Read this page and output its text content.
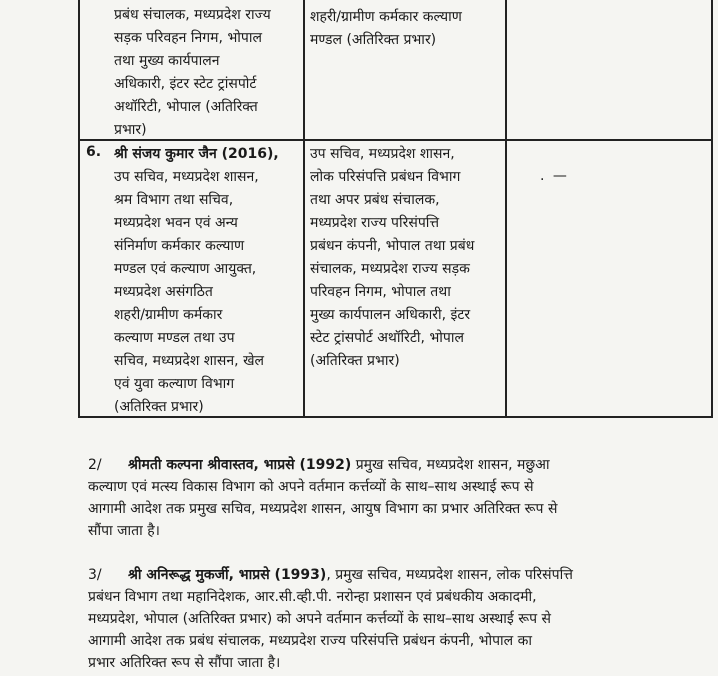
प्रबंध संचालक, मध्यप्रदेश राज्य
सड़क परिवहन निगम, भोपाल
तथा मुख्य कार्यपालन
अधिकारी, इंटर स्टेट ट्रांसपोर्ट
अथॉरिटी, भोपाल (अतिरिक्त
प्रभार)
शहरी/ग्रामीण कर्मकार कल्याण
मण्डल (अतिरिक्त प्रभार)
6. श्री संजय कुमार जैन (2016),
उप सचिव, मध्यप्रदेश शासन,
श्रम विभाग तथा सचिव,
मध्यप्रदेश भवन एवं अन्य
संनिर्माण कर्मकार कल्याण
मण्डल एवं कल्याण आयुक्त,
मध्यप्रदेश असंगठित
शहरी/ग्रामीण कर्मकार
कल्याण मण्डल तथा उप
सचिव, मध्यप्रदेश शासन, खेल
एवं युवा कल्याण विभाग
(अतिरिक्त प्रभार)
उप सचिव, मध्यप्रदेश शासन,
लोक परिसंपत्ति प्रबंधन विभाग
तथा अपर प्रबंध संचालक,
मध्यप्रदेश राज्य परिसंपत्ति
प्रबंधन कंपनी, भोपाल तथा प्रबंध
संचालक, मध्यप्रदेश राज्य सड़क
परिवहन निगम, भोपाल तथा
मुख्य कार्यपालन अधिकारी, इंटर
स्टेट ट्रांसपोर्ट अथॉरिटी, भोपाल
(अतिरिक्त प्रभार)
. —

2/ श्रीमती कल्पना श्रीवास्तव, भाप्रसे (1992) प्रमुख सचिव, मध्यप्रदेश शासन, मछुआ

कल्याण एवं मत्स्य विकास विभाग को अपने वर्तमान कर्त्तव्यों के साथ–साथ अस्थाई रूप से

आगामी आदेश तक प्रमुख सचिव, मध्यप्रदेश शासन, आयुष विभाग का प्रभार अतिरिक्त रूप से

सौंपा जाता है।

3/ श्री अनिरूद्ध मुकर्जी, भाप्रसे (1993), प्रमुख सचिव, मध्यप्रदेश शासन, लोक परिसंपत्ति

प्रबंधन विभाग तथा महानिदेशक, आर.सी.व्ही.पी. नरोन्हा प्रशासन एवं प्रबंधकीय अकादमी,

मध्यप्रदेश, भोपाल (अतिरिक्त प्रभार) को अपने वर्तमान कर्त्तव्यों के साथ–साथ अस्थाई रूप से

आगामी आदेश तक प्रबंध संचालक, मध्यप्रदेश राज्य परिसंपत्ति प्रबंधन कंपनी, भोपाल का

प्रभार अतिरिक्त रूप से सौंपा जाता है।
